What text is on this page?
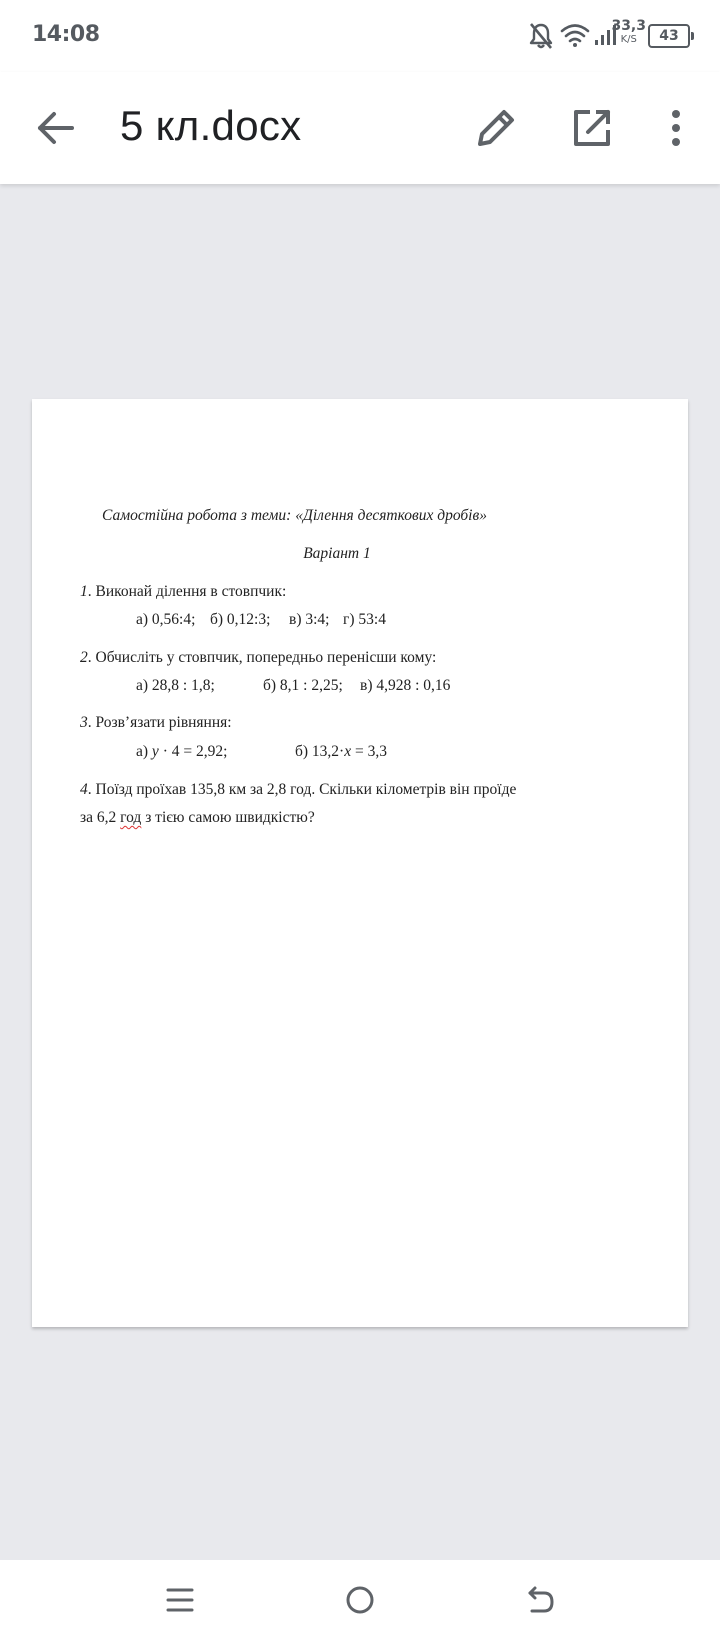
14:08	33,3
K/S	43
5 кл.docx
Самостійна робота з теми: «Ділення десяткових дробів»
Варіант 1
1. Виконай ділення в стовпчик:
а) 0,56:4; б) 0,12:3; в) 3:4; г) 53:4
2. Обчисліть у стовпчик, попередньо перенісши кому:
а) 28,8 : 1,8;	б) 8,1 : 2,25; в) 4,928 : 0,16
3. Розв’язати рівняння:
а) у · 4 = 2,92;	б) 13,2·x = 3,3
4. Поїзд проїхав 135,8 км за 2,8 год. Скільки кілометрів він проїде
за 6,2 год з тією самою швидкістю?
